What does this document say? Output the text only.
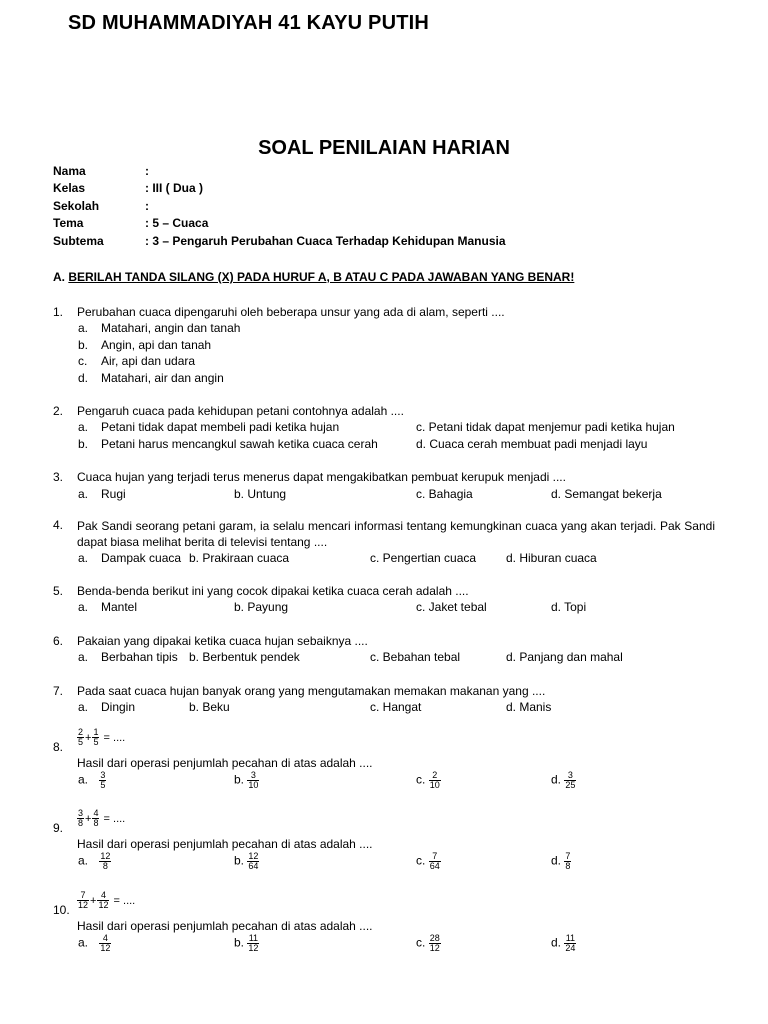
SD MUHAMMADIYAH 41 KAYU PUTIH
SOAL PENILAIAN HARIAN
Nama	:
Kelas	: III ( Dua )
Sekolah	:
Tema	: 5 – Cuaca
Subtema	: 3 – Pengaruh Perubahan Cuaca Terhadap Kehidupan Manusia
A. BERILAH TANDA SILANG (X) PADA HURUF A, B ATAU C PADA JAWABAN YANG BENAR!
1. Perubahan cuaca dipengaruhi oleh beberapa unsur yang ada di alam, seperti ....
a. Matahari, angin dan tanah
b. Angin, api dan tanah
c. Air, api dan udara
d. Matahari, air dan angin
2. Pengaruh cuaca pada kehidupan petani contohnya adalah ....
a. Petani tidak dapat membeli padi ketika hujan
b. Petani harus mencangkul sawah ketika cuaca cerah
c. Petani tidak dapat menjemur padi ketika hujan
d. Cuaca cerah membuat padi menjadi layu
3. Cuaca hujan yang terjadi terus menerus dapat mengakibatkan pembuat kerupuk menjadi ....
a. Rugi	b. Untung	c. Bahagia	d. Semangat bekerja
4. Pak Sandi seorang petani garam, ia selalu mencari informasi tentang kemungkinan cuaca yang akan terjadi. Pak Sandi dapat biasa melihat berita di televisi tentang ....
a. Dampak cuaca b. Prakiraan cuaca	c. Pengertian cuaca d. Hiburan cuaca
5. Benda-benda berikut ini yang cocok dipakai ketika cuaca cerah adalah ....
a. Mantel	b. Payung	c. Jaket tebal	d. Topi
6. Pakaian yang dipakai ketika cuaca hujan sebaiknya ....
a. Berbahan tipis b. Berbentuk pendek	c. Bebahan tebal	d. Panjang dan mahal
7. Pada saat cuaca hujan banyak orang yang mengutamakan memakan makanan yang ....
a. Dingin	b. Beku	c. Hangat	d. Manis
8. $\frac{2}{5} + \frac{1}{5}$ = ....
Hasil dari operasi penjumlah pecahan di atas adalah ....
a. $\frac{3}{5}$	b. $\frac{3}{10}$	c. $\frac{2}{10}$	d. $\frac{3}{25}$
9. $\frac{3}{8} + \frac{4}{8}$ = ....
Hasil dari operasi penjumlah pecahan di atas adalah ....
a. $\frac{12}{8}$	b. $\frac{12}{64}$	c. $\frac{7}{64}$	d. $\frac{7}{8}$
10. $\frac{7}{12} + \frac{4}{12}$ = ....
Hasil dari operasi penjumlah pecahan di atas adalah ....
a. $\frac{4}{12}$	b. $\frac{11}{12}$	c. $\frac{28}{12}$	d. $\frac{11}{24}$
